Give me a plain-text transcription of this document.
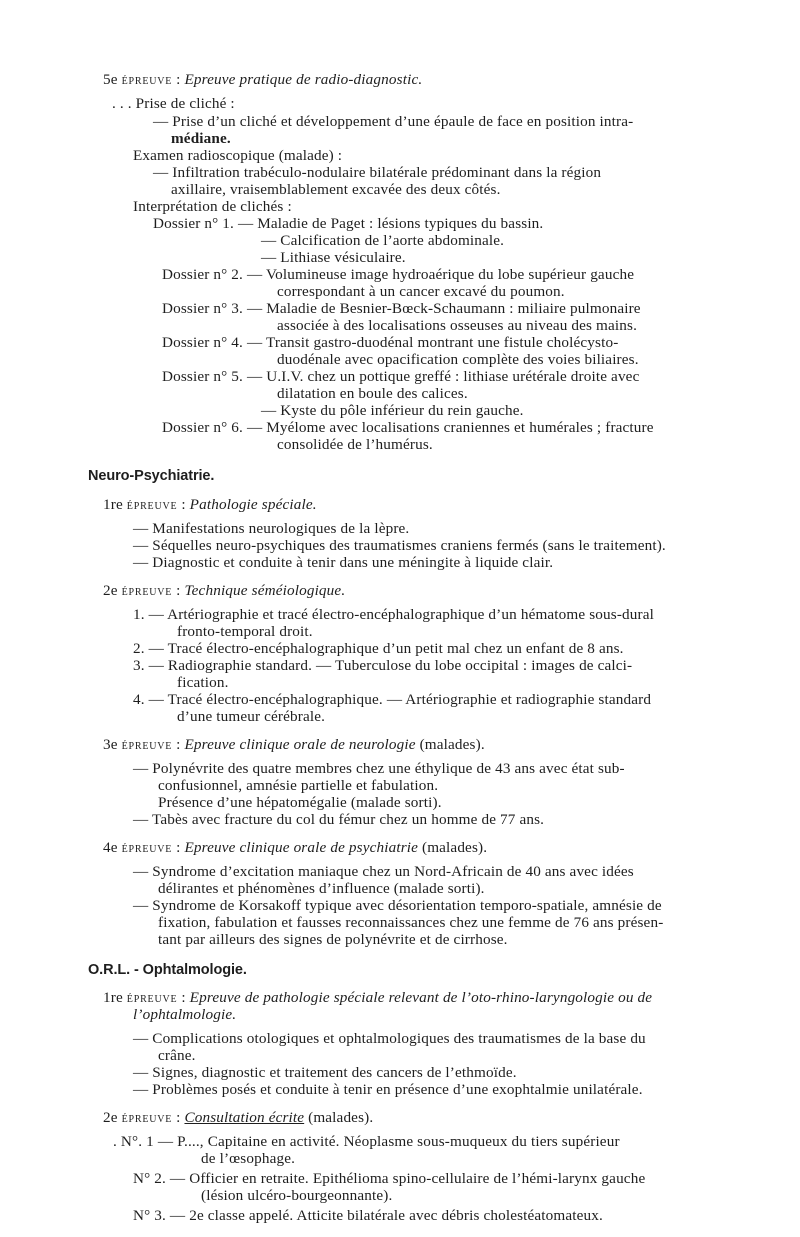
5e épreuve : Epreuve pratique de radio-diagnostic.
. . . Prise de cliché :
— Prise d’un cliché et développement d’une épaule de face en position intra-
médiane.
Examen radioscopique (malade) :
— Infiltration trabéculo-nodulaire bilatérale prédominant dans la région
axillaire, vraisemblablement excavée des deux côtés.
Interprétation de clichés :
Dossier n° 1. — Maladie de Paget : lésions typiques du bassin.
— Calcification de l’aorte abdominale.
— Lithiase vésiculaire.
Dossier n° 2. — Volumineuse image hydroaérique du lobe supérieur gauche
correspondant à un cancer excavé du poumon.
Dossier n° 3. — Maladie de Besnier-Bœck-Schaumann : miliaire pulmonaire
associée à des localisations osseuses au niveau des mains.
Dossier n° 4. — Transit gastro-duodénal montrant une fistule cholécysto-
duodénale avec opacification complète des voies biliaires.
Dossier n° 5. — U.I.V. chez un pottique greffé : lithiase urétérale droite avec
dilatation en boule des calices.
— Kyste du pôle inférieur du rein gauche.
Dossier n° 6. — Myélome avec localisations craniennes et humérales ; fracture
consolidée de l’humérus.
Neuro-Psychiatrie.
1re épreuve : Pathologie spéciale.
— Manifestations neurologiques de la lèpre.
— Séquelles neuro-psychiques des traumatismes craniens fermés (sans le traitement).
— Diagnostic et conduite à tenir dans une méningite à liquide clair.
2e épreuve : Technique séméiologique.
1. — Artériographie et tracé électro-encéphalographique d’un hématome sous-dural
fronto-temporal droit.
2. — Tracé électro-encéphalographique d’un petit mal chez un enfant de 8 ans.
3. — Radiographie standard. — Tuberculose du lobe occipital : images de calci-
fication.
4. — Tracé électro-encéphalographique. — Artériographie et radiographie standard
d’une tumeur cérébrale.
3e épreuve : Epreuve clinique orale de neurologie (malades).
— Polynévrite des quatre membres chez une éthylique de 43 ans avec état sub-
confusionnel, amnésie partielle et fabulation.
Présence d’une hépatomégalie (malade sorti).
— Tabès avec fracture du col du fémur chez un homme de 77 ans.
4e épreuve : Epreuve clinique orale de psychiatrie (malades).
— Syndrome d’excitation maniaque chez un Nord-Africain de 40 ans avec idées
délirantes et phénomènes d’influence (malade sorti).
— Syndrome de Korsakoff typique avec désorientation temporo-spatiale, amnésie de
fixation, fabulation et fausses reconnaissances chez une femme de 76 ans présen-
tant par ailleurs des signes de polynévrite et de cirrhose.
O.R.L. - Ophtalmologie.
1re épreuve : Epreuve de pathologie spéciale relevant de l’oto-rhino-laryngologie ou de
l’ophtalmologie.
— Complications otologiques et ophtalmologiques des traumatismes de la base du
crâne.
— Signes, diagnostic et traitement des cancers de l’ethmoïde.
— Problèmes posés et conduite à tenir en présence d’une exophtalmie unilatérale.
2e épreuve : Consultation écrite (malades).
. N°. 1 — P...., Capitaine en activité. Néoplasme sous-muqueux du tiers supérieur
de l’œsophage.
N° 2. — Officier en retraite. Epithélioma spino-cellulaire de l’hémi-larynx gauche
(lésion ulcéro-bourgeonnante).
N° 3. — 2e classe appelé. Atticite bilatérale avec débris cholestéatomateux.
